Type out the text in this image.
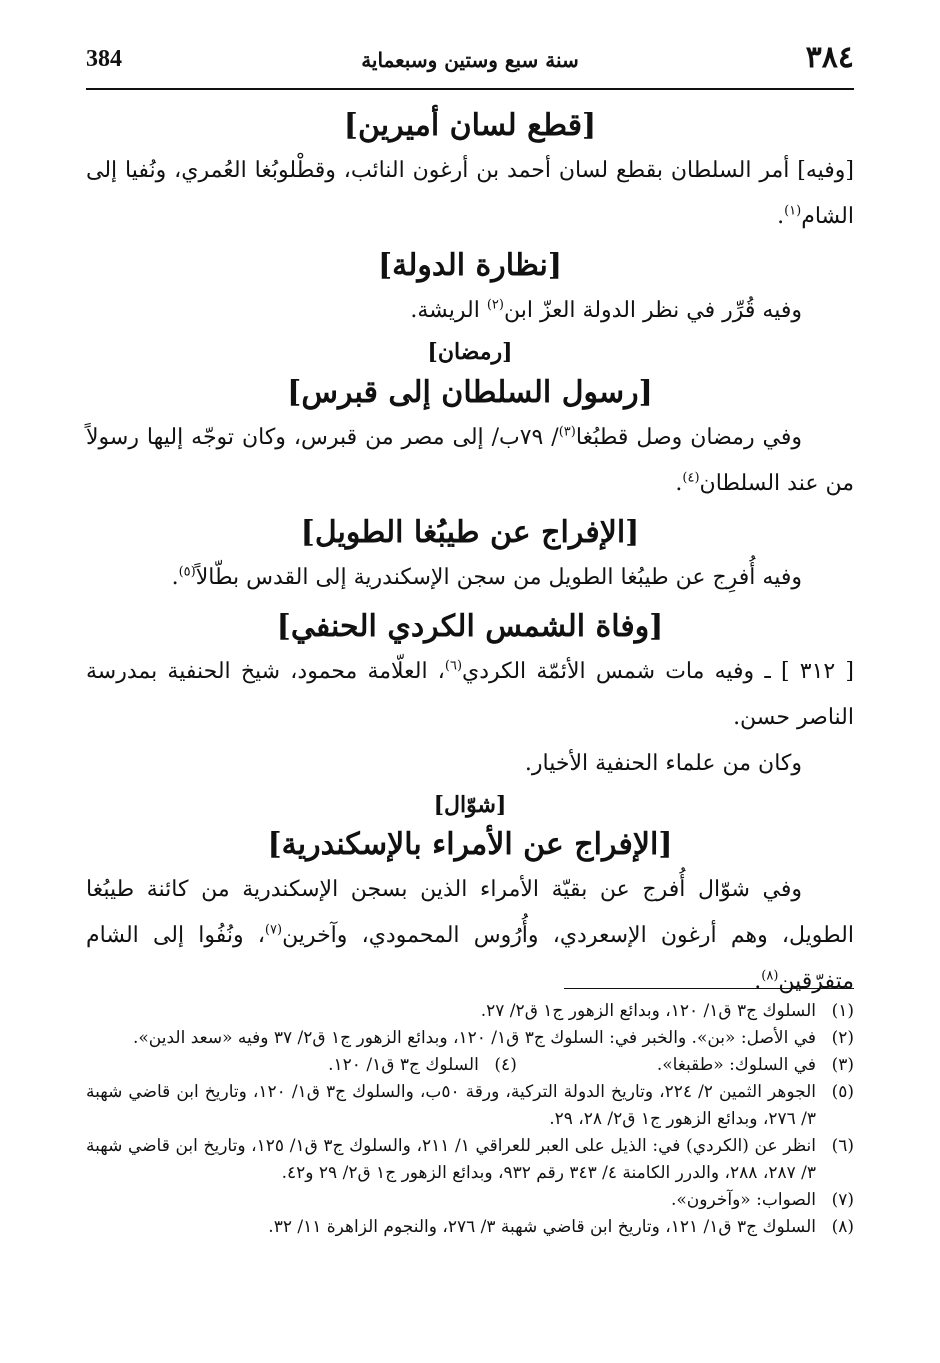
384	سنة سبع وستين وسبعماية	٣٨٤
[قطع لسان أميرين]

[وفيه] أمر السلطان بقطع لسان أحمد بن أرغون النائب، وقطْلوبُغا العُمري، ونُفيا إلى الشام$^{(١)}$.

[نظارة الدولة]

وفيه قُرِّر في نظر الدولة العزّ ابن$^{(٢)}$ الريشة.

[رمضان]
[رسول السلطان إلى قبرس]

وفي رمضان وصل قطبُغا$^{(٣)}$/ ٧٩ب/ إلى مصر من قبرس، وكان توجّه إليها رسولاً من عند السلطان$^{(٤)}$.

[الإفراج عن طيبُغا الطويل]

وفيه أُفرِج عن طيبُغا الطويل من سجن الإسكندرية إلى القدس بطّالاً$^{(٥)}$.

[وفاة الشمس الكردي الحنفي]

[ ٣١٢ ] ـ وفيه مات شمس الأئمّة الكردي$^{(٦)}$، العلّامة محمود، شيخ الحنفية بمدرسة الناصر حسن.

وكان من علماء الحنفية الأخيار.

[شوّال]
[الإفراج عن الأمراء بالإسكندرية]

وفي شوّال أُفرج عن بقيّة الأمراء الذين بسجن الإسكندرية من كائنة طيبُغا الطويل، وهم أرغون الإسعردي، وأُرُوس المحمودي، وآخرين$^{(٧)}$، ونُفُوا إلى الشام متفرّقين$^{(٨)}$.

(١)
السلوك ج٣ ق١/ ١٢٠، وبدائع الزهور ج١ ق٢/ ٢٧.
(٢)
في الأصل: «بن». والخبر في: السلوك ج٣ ق١/ ١٢٠، وبدائع الزهور ج١ ق٢/ ٣٧ وفيه «سعد الدين».
(٣)
في السلوك: «طقبغا».
(٤)
السلوك ج٣ ق١/ ١٢٠.
(٥)
الجوهر الثمين ٢/ ٢٢٤، وتاريخ الدولة التركية، ورقة ٥٠ب، والسلوك ج٣ ق١/ ١٢٠، وتاريخ ابن قاضي شهبة ٣/ ٢٧٦، وبدائع الزهور ج١ ق٢/ ٢٨، ٢٩.
(٦)
انظر عن (الكردي) في: الذيل على العبر للعراقي ١/ ٢١١، والسلوك ج٣ ق١/ ١٢٥، وتاريخ ابن قاضي شهبة ٣/ ٢٨٧، ٢٨٨، والدرر الكامنة ٤/ ٣٤٣ رقم ٩٣٢، وبدائع الزهور ج١ ق٢/ ٢٩ و٤٢.
(٧)
الصواب: «وآخرون».
(٨)
السلوك ج٣ ق١/ ١٢١، وتاريخ ابن قاضي شهبة ٣/ ٢٧٦، والنجوم الزاهرة ١١/ ٣٢.
